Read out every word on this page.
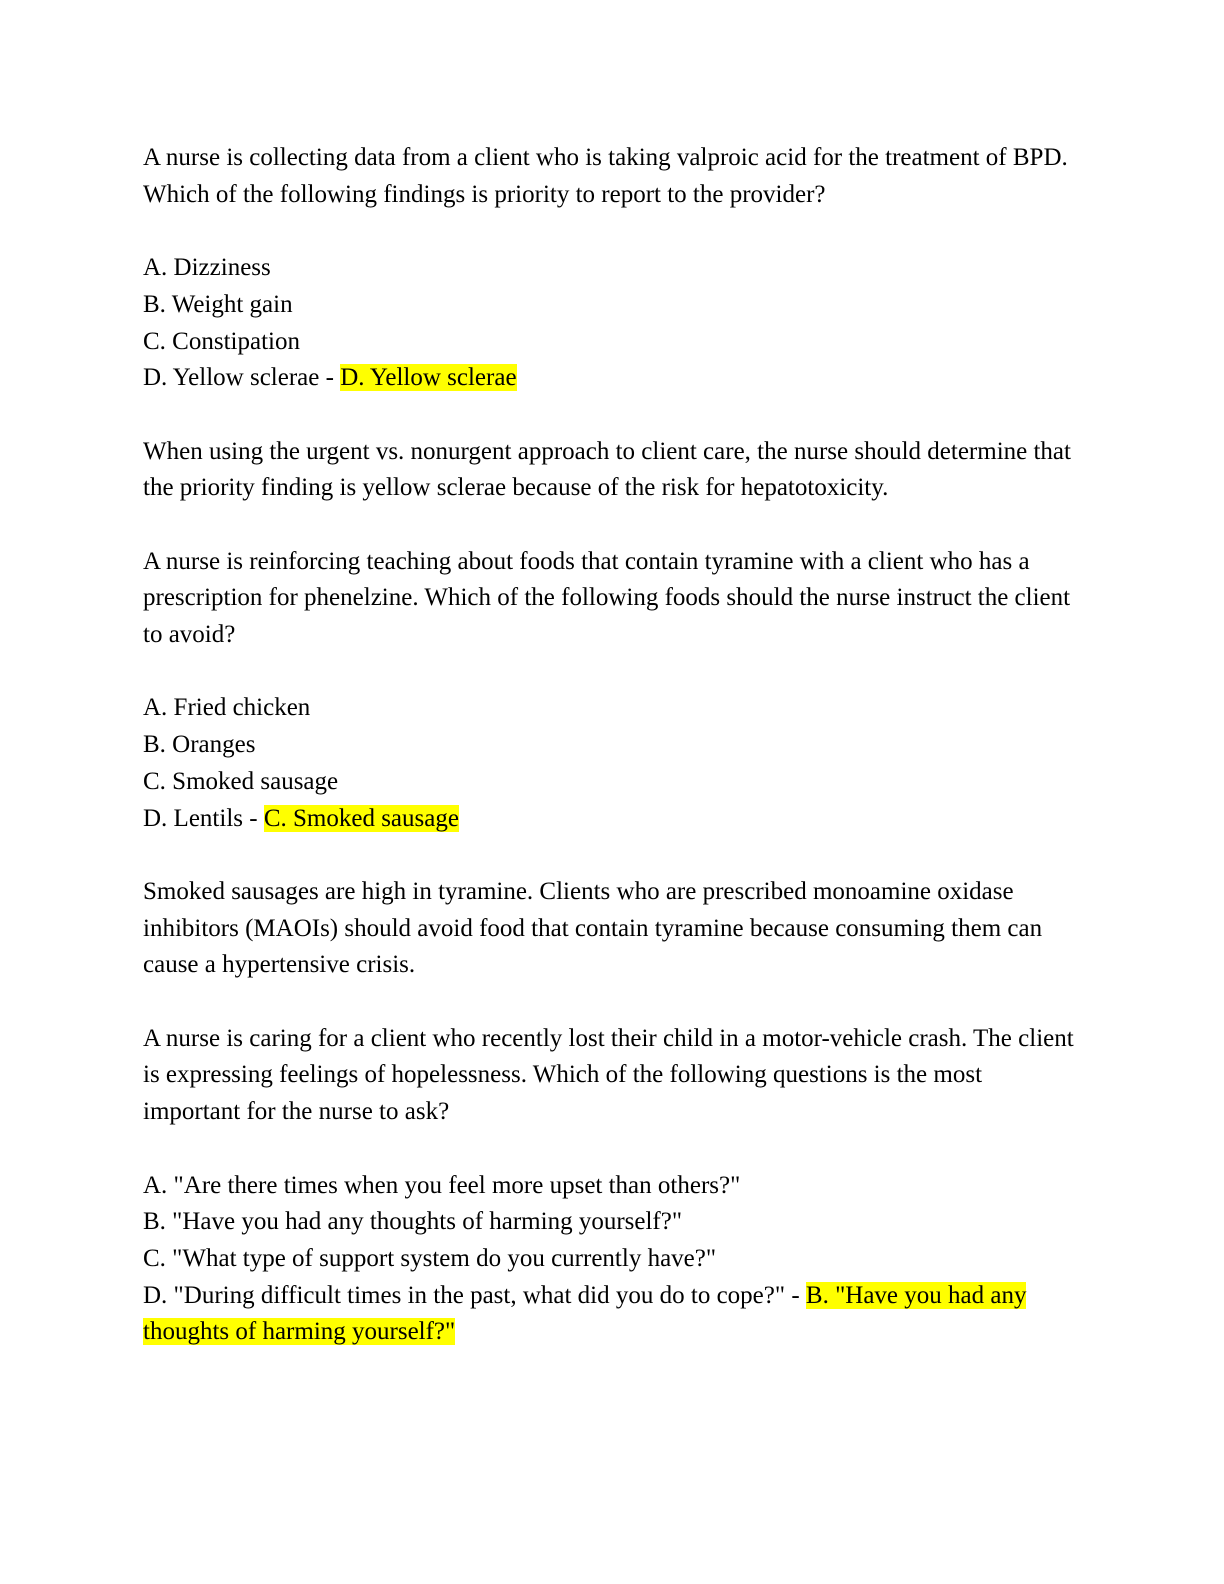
A nurse is collecting data from a client who is taking valproic acid for the treatment of BPD. Which of the following findings is priority to report to the provider?

A. Dizziness

B. Weight gain

C. Constipation

D. Yellow sclerae - D. Yellow sclerae

When using the urgent vs. nonurgent approach to client care, the nurse should determine that the priority finding is yellow sclerae because of the risk for hepatotoxicity.

A nurse is reinforcing teaching about foods that contain tyramine with a client who has a prescription for phenelzine. Which of the following foods should the nurse instruct the client to avoid?

A. Fried chicken

B. Oranges

C. Smoked sausage

D. Lentils - C. Smoked sausage

Smoked sausages are high in tyramine. Clients who are prescribed monoamine oxidase inhibitors (MAOIs) should avoid food that contain tyramine because consuming them can cause a hypertensive crisis.

A nurse is caring for a client who recently lost their child in a motor-vehicle crash. The client is expressing feelings of hopelessness. Which of the following questions is the most important for the nurse to ask?

A. "Are there times when you feel more upset than others?"

B. "Have you had any thoughts of harming yourself?"

C. "What type of support system do you currently have?"

D. "During difficult times in the past, what did you do to cope?" - B. "Have you had any thoughts of harming yourself?"
